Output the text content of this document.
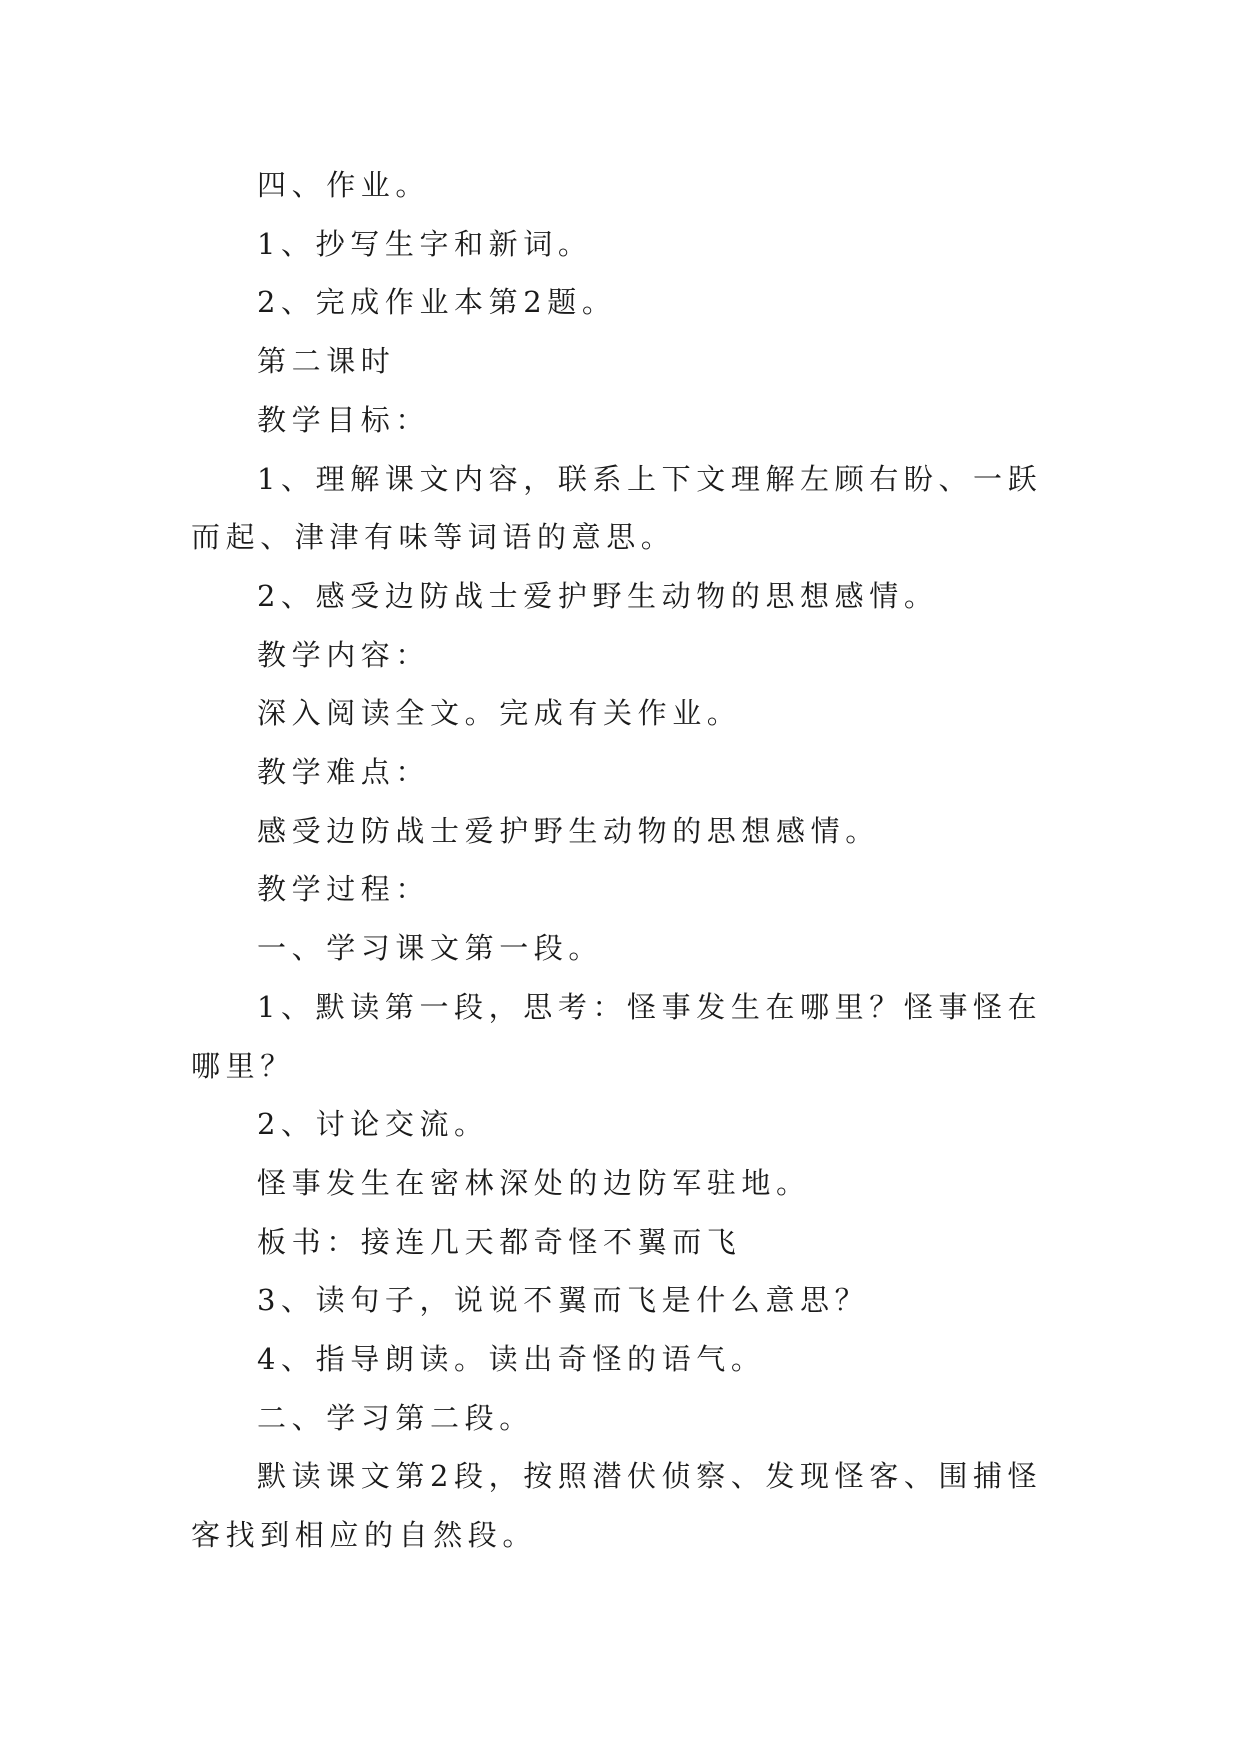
四、作业。

1、抄写生字和新词。

2、完成作业本第2题。

第二课时

教学目标：

1、理解课文内容，联系上下文理解左顾右盼、一跃而起、津津有味等词语的意思。

2、感受边防战士爱护野生动物的思想感情。

教学内容：

深入阅读全文。完成有关作业。

教学难点：

感受边防战士爱护野生动物的思想感情。

教学过程：

一、学习课文第一段。

1、默读第一段，思考：怪事发生在哪里？怪事怪在哪里？

2、讨论交流。

怪事发生在密林深处的边防军驻地。

板书：接连几天都奇怪不翼而飞

3、读句子，说说不翼而飞是什么意思？

4、指导朗读。读出奇怪的语气。

二、学习第二段。

默读课文第2段，按照潜伏侦察、发现怪客、围捕怪客找到相应的自然段。
